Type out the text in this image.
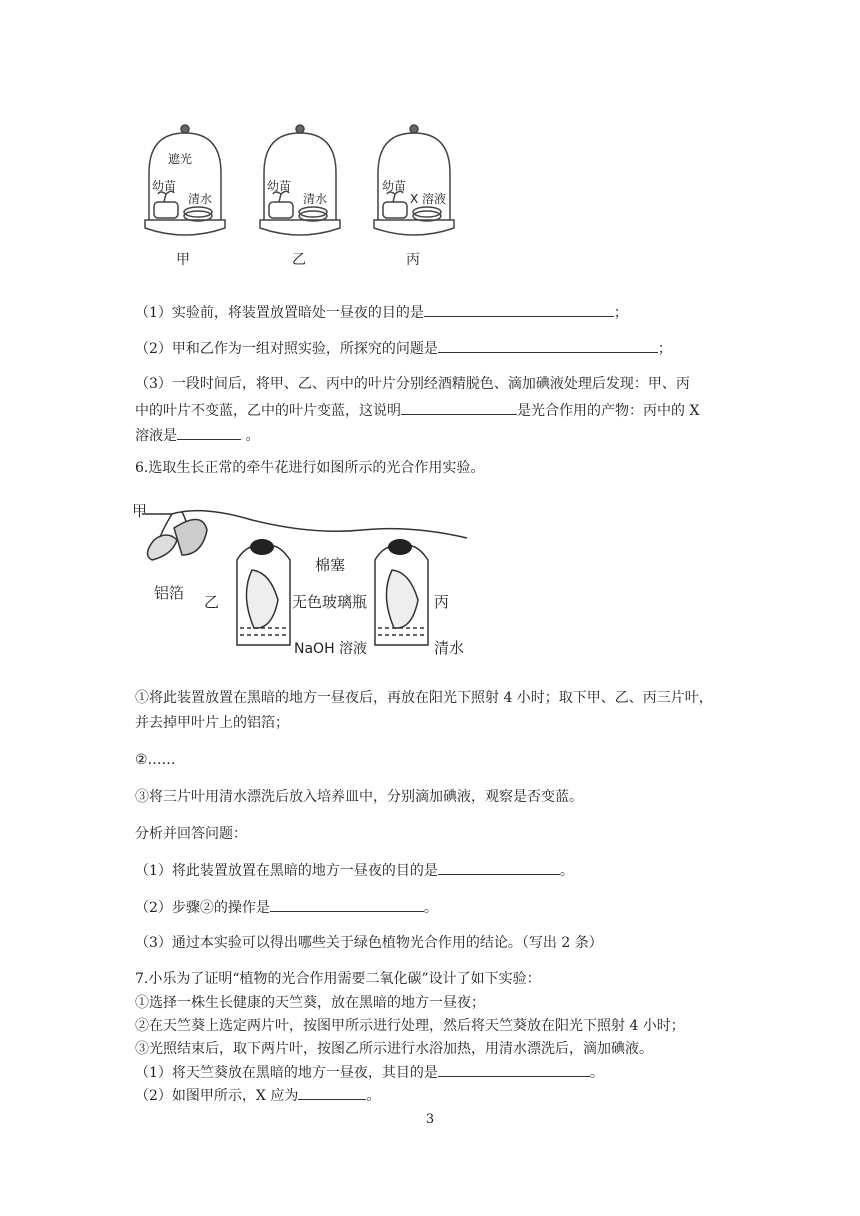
遮光
幼苗
清水
幼苗
清水
幼苗
X 溶液
甲	乙	丙
（1）实验前，将装置放置暗处一昼夜的目的是	；
（2）甲和乙作为一组对照实验，所探究的问题是	；
（3）一段时间后，将甲、乙、丙中的叶片分别经酒精脱色、滴加碘液处理后发现：甲、丙
中的叶片不变蓝，乙中的叶片变蓝，这说明	是光合作用的产物：丙中的 X
溶液是	。
6.选取生长正常的牵牛花进行如图所示的光合作用实验。
甲
铝箔 乙
棉塞
无色玻璃瓶	丙
NaOH 溶液	清水
①将此装置放置在黑暗的地方一昼夜后，再放在阳光下照射 4 小时；取下甲、乙、丙三片叶，
并去掉甲叶片上的铝箔；
②……
③将三片叶用清水漂洗后放入培养皿中，分别滴加碘液，观察是否变蓝。
分析并回答问题：
（1）将此装置放置在黑暗的地方一昼夜的目的是	。
（2）步骤②的操作是	。
（3）通过本实验可以得出哪些关于绿色植物光合作用的结论。（写出 2 条）
7.小乐为了证明“植物的光合作用需要二氧化碳”设计了如下实验：
①选择一株生长健康的天竺葵，放在黑暗的地方一昼夜；
②在天竺葵上选定两片叶，按图甲所示进行处理，然后将天竺葵放在阳光下照射 4 小时；
③光照结束后，取下两片叶，按图乙所示进行水浴加热，用清水漂洗后，滴加碘液。
（1）将天竺葵放在黑暗的地方一昼夜，其目的是	。
（2）如图甲所示，X 应为	。
3
